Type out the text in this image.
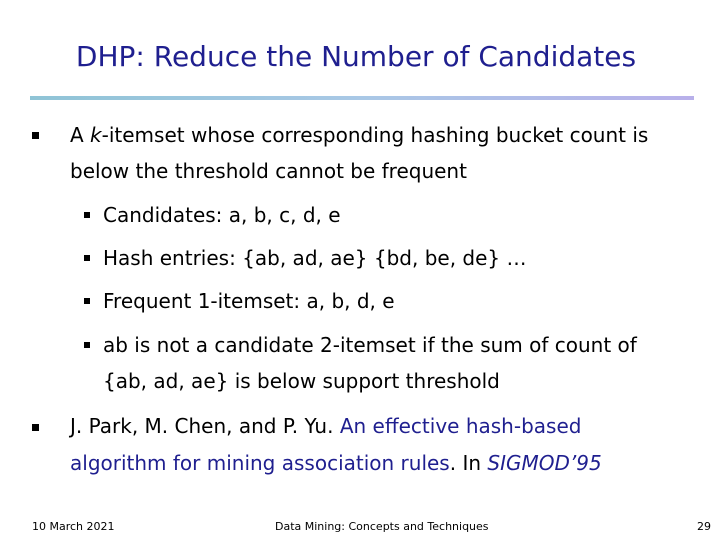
DHP: Reduce the Number of Candidates
A k-itemset whose corresponding hashing bucket count is
below the threshold cannot be frequent
Candidates: a, b, c, d, e
Hash entries: {ab, ad, ae} {bd, be, de} …
Frequent 1-itemset: a, b, d, e
ab is not a candidate 2-itemset if the sum of count of
{ab, ad, ae} is below support threshold
J. Park, M. Chen, and P. Yu. An effective hash-based
algorithm for mining association rules. In SIGMOD’95
10 March 2021	Data Mining: Concepts and Techniques	29
